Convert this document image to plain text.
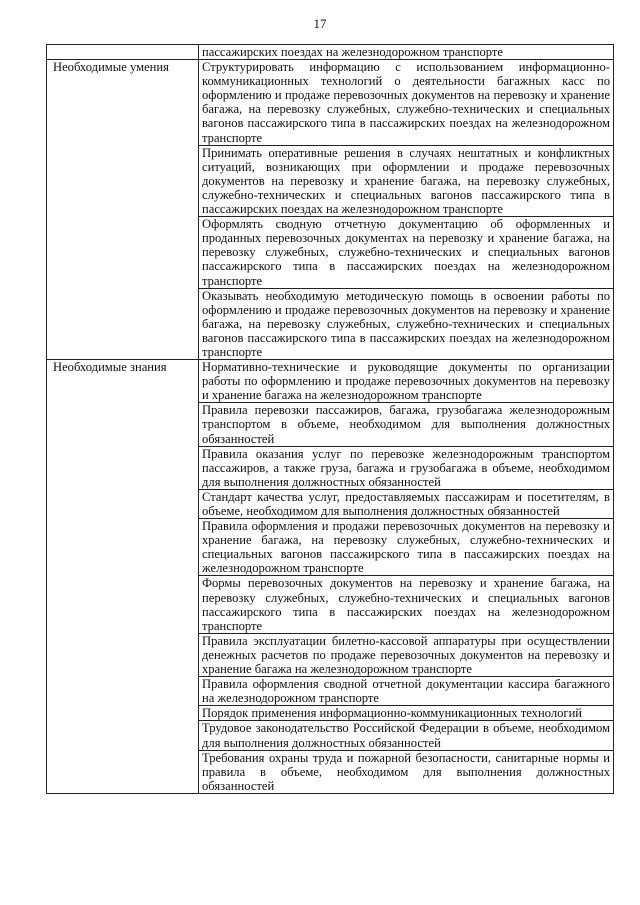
17
	пассажирских поездах на железнодорожном транспорте
Необходимые умения	Структурировать информацию с использованием информационно-коммуникационных технологий о деятельности багажных касс по оформлению и продаже перевозочных документов на перевозку и хранение багажа, на перевозку служебных, служебно-технических и специальных вагонов пассажирского типа в пассажирских поездах на железнодорожном транспорте
	Принимать оперативные решения в случаях нештатных и конфликтных ситуаций, возникающих при оформлении и продаже перевозочных документов на перевозку и хранение багажа, на перевозку служебных, служебно-технических и специальных вагонов пассажирского типа в пассажирских поездах на железнодорожном транспорте
	Оформлять сводную отчетную документацию об оформленных и проданных перевозочных документах на перевозку и хранение багажа, на перевозку служебных, служебно-технических и специальных вагонов пассажирского типа в пассажирских поездах на железнодорожном транспорте
	Оказывать необходимую методическую помощь в освоении работы по оформлению и продаже перевозочных документов на перевозку и хранение багажа, на перевозку служебных, служебно-технических и специальных вагонов пассажирского типа в пассажирских поездах на железнодорожном транспорте
Необходимые знания	Нормативно-технические и руководящие документы по организации работы по оформлению и продаже перевозочных документов на перевозку и хранение багажа на железнодорожном транспорте
	Правила перевозки пассажиров, багажа, грузобагажа железнодорожным транспортом в объеме, необходимом для выполнения должностных обязанностей
	Правила оказания услуг по перевозке железнодорожным транспортом пассажиров, а также груза, багажа и грузобагажа в объеме, необходимом для выполнения должностных обязанностей
	Стандарт качества услуг, предоставляемых пассажирам и посетителям, в объеме, необходимом для выполнения должностных обязанностей
	Правила оформления и продажи перевозочных документов на перевозку и хранение багажа, на перевозку служебных, служебно-технических и специальных вагонов пассажирского типа в пассажирских поездах на железнодорожном транспорте
	Формы перевозочных документов на перевозку и хранение багажа, на перевозку служебных, служебно-технических и специальных вагонов пассажирского типа в пассажирских поездах на железнодорожном транспорте
	Правила эксплуатации билетно-кассовой аппаратуры при осуществлении денежных расчетов по продаже перевозочных документов на перевозку и хранение багажа на железнодорожном транспорте
	Правила оформления сводной отчетной документации кассира багажного на железнодорожном транспорте
	Порядок применения информационно-коммуникационных технологий
	Трудовое законодательство Российской Федерации в объеме, необходимом для выполнения должностных обязанностей
	Требования охраны труда и пожарной безопасности, санитарные нормы и правила в объеме, необходимом для выполнения должностных обязанностей
